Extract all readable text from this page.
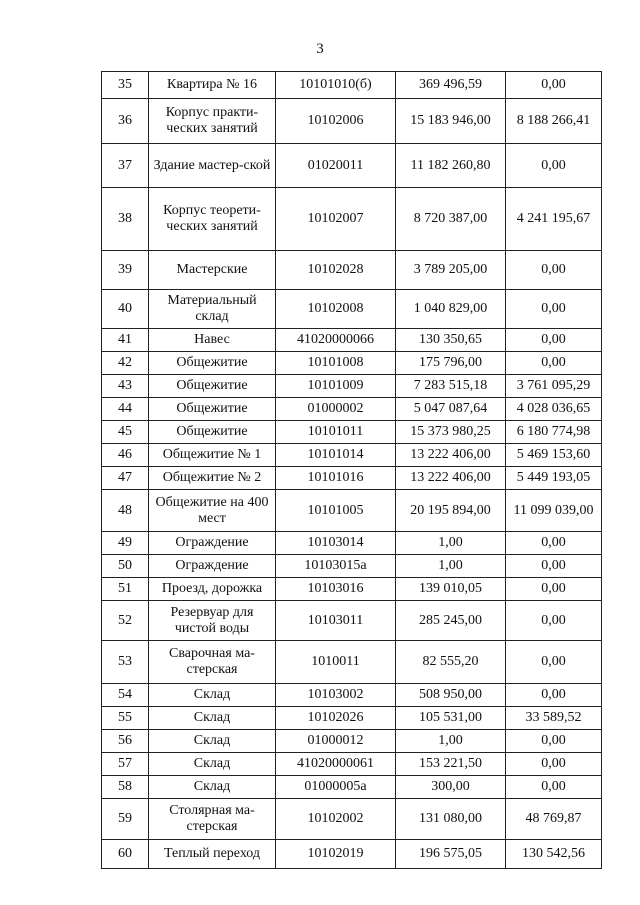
3
35	Квартира № 16	10101010(б)	369 496,59	0,00
36	Корпус практи-ческих занятий	10102006	15 183 946,00	8 188 266,41
37	Здание мастер-ской	01020011	11 182 260,80	0,00
38	Корпус теорети-ческих занятий	10102007	8 720 387,00	4 241 195,67
39	Мастерские	10102028	3 789 205,00	0,00
40	Материальный склад	10102008	1 040 829,00	0,00
41	Навес	41020000066	130 350,65	0,00
42	Общежитие	10101008	175 796,00	0,00
43	Общежитие	10101009	7 283 515,18	3 761 095,29
44	Общежитие	01000002	5 047 087,64	4 028 036,65
45	Общежитие	10101011	15 373 980,25	6 180 774,98
46	Общежитие № 1	10101014	13 222 406,00	5 469 153,60
47	Общежитие № 2	10101016	13 222 406,00	5 449 193,05
48	Общежитие на 400 мест	10101005	20 195 894,00	11 099 039,00
49	Ограждение	10103014	1,00	0,00
50	Ограждение	10103015а	1,00	0,00
51	Проезд, дорожка	10103016	139 010,05	0,00
52	Резервуар для чистой воды	10103011	285 245,00	0,00
53	Сварочная ма-стерская	1010011	82 555,20	0,00
54	Склад	10103002	508 950,00	0,00
55	Склад	10102026	105 531,00	33 589,52
56	Склад	01000012	1,00	0,00
57	Склад	41020000061	153 221,50	0,00
58	Склад	01000005а	300,00	0,00
59	Столярная ма-стерская	10102002	131 080,00	48 769,87
60	Теплый переход	10102019	196 575,05	130 542,56
